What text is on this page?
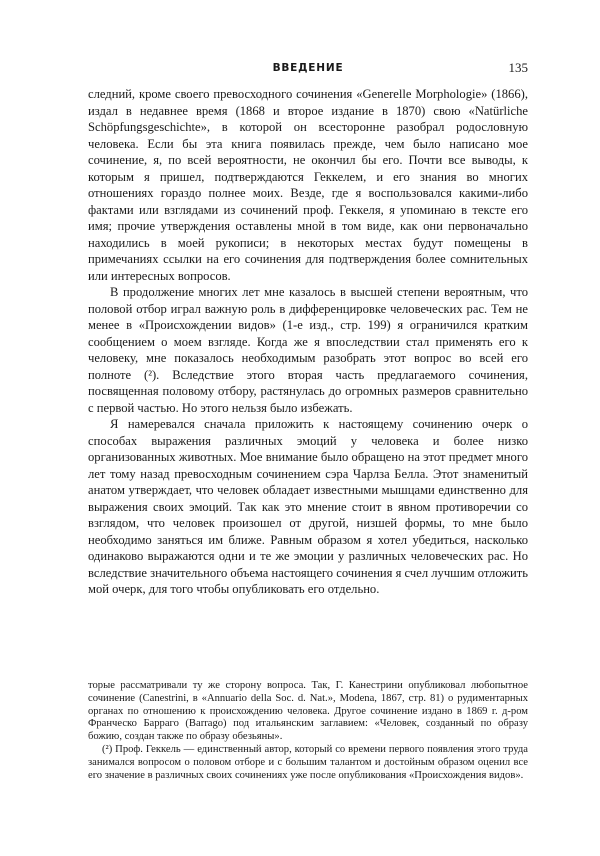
ВВЕДЕНИЕ	135

следний, кроме своего превосходного сочинения «Generelle Morphologie» (1866), издал в недавнее время (1868 и второе издание в 1870) свою «Natürliche Schöpfungsgeschichte», в которой он всесторонне разобрал родословную человека. Если бы эта книга появилась прежде, чем было написано мое сочинение, я, по всей вероятности, не окончил бы его. Почти все выводы, к которым я пришел, подтверждаются Геккелем, и его знания во многих отношениях гораздо полнее моих. Везде, где я воспользовался какими-либо фактами или взглядами из сочинений проф. Геккеля, я упоминаю в тексте его имя; прочие утверждения оставлены мной в том виде, как они первоначально находились в моей рукописи; в некоторых местах будут помещены в примечаниях ссылки на его сочинения для подтверждения более сомнительных или интересных вопросов.

В продолжение многих лет мне казалось в высшей степени вероятным, что половой отбор играл важную роль в дифференцировке человеческих рас. Тем не менее в «Происхождении видов» (1-е изд., стр. 199) я ограничился кратким сообщением о моем взгляде. Когда же я впоследствии стал применять его к человеку, мне показалось необходимым разобрать этот вопрос во всей его полноте (²). Вследствие этого вторая часть предлагаемого сочинения, посвященная половому отбору, растянулась до огромных размеров сравнительно с первой частью. Но этого нельзя было избежать.

Я намеревался сначала приложить к настоящему сочинению очерк о способах выражения различных эмоций у человека и более низко организованных животных. Мое внимание было обращено на этот предмет много лет тому назад превосходным сочинением сэра Чарлза Белла. Этот знаменитый анатом утверждает, что человек обладает известными мышцами единственно для выражения своих эмоций. Так как это мнение стоит в явном противоречии со взглядом, что человек произошел от другой, низшей формы, то мне было необходимо заняться им ближе. Равным образом я хотел убедиться, насколько одинаково выражаются одни и те же эмоции у различных человеческих рас. Но вследствие значительного объема настоящего сочинения я счел лучшим отложить мой очерк, для того чтобы опубликовать его отдельно.

торые рассматривали ту же сторону вопроса. Так, Г. Канестрини опубликовал любопытное сочинение (Canestrini, в «Annuario della Soc. d. Nat.», Modena, 1867, стр. 81) о рудиментарных органах по отношению к происхождению человека. Другое сочинение издано в 1869 г. д-ром Франческо Барраго (Barrago) под итальянским заглавием: «Человек, созданный по образу божию, создан также по образу обезьяны».

(²) Проф. Геккель — единственный автор, который со времени первого появления этого труда занимался вопросом о половом отборе и с большим талантом и достойным образом оценил все его значение в различных своих сочинениях уже после опубликования «Происхождения видов».
